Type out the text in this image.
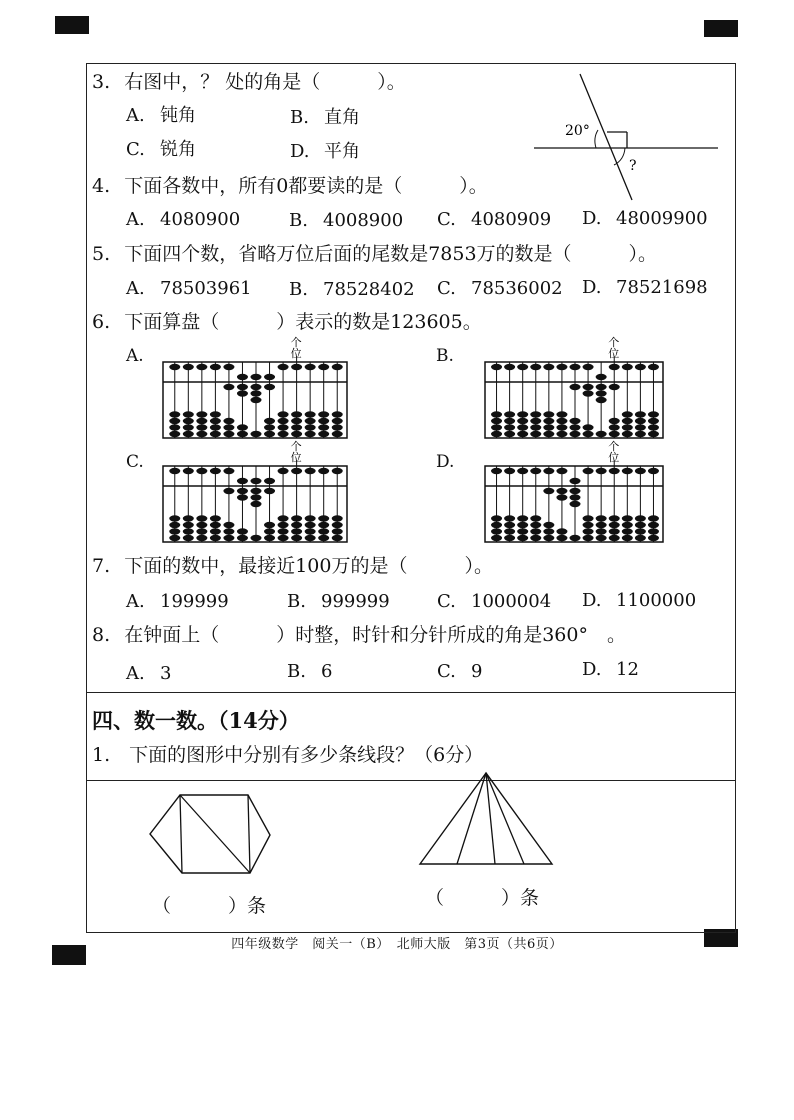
3. 右图中，？ 处的角是（　　　）。
A. 钝角	B. 直角
C. 锐角	D. 平角
20°
?
4. 下面各数中，所有0都要读的是（　　　）。
A. 4080900	B. 4008900 C. 4080909 D. 48009900
5. 下面四个数，省略万位后面的尾数是7853万的数是（　　　）。
A. 78503961 B. 78528402 C. 78536002 D. 78521698
6. 下面算盘（　　　）表示的数是123605。
A.	B.
C.	D.
个
位
个
位
个
位
个
位
7. 下面的数中，最接近100万的是（　　　）。
A. 199999	B. 999999	C. 1000004 D. 1100000
8. 在钟面上（　　　）时整，时针和分针所成的角是360°　。
A. 3	B. 6	C. 9	D. 12
四、数一数。（14分）
1.　下面的图形中分别有多少条线段？（6分）
（　　　）条	（　　　）条
四年级数学　阅关一（B）　北师大版　第3页（共6页）
